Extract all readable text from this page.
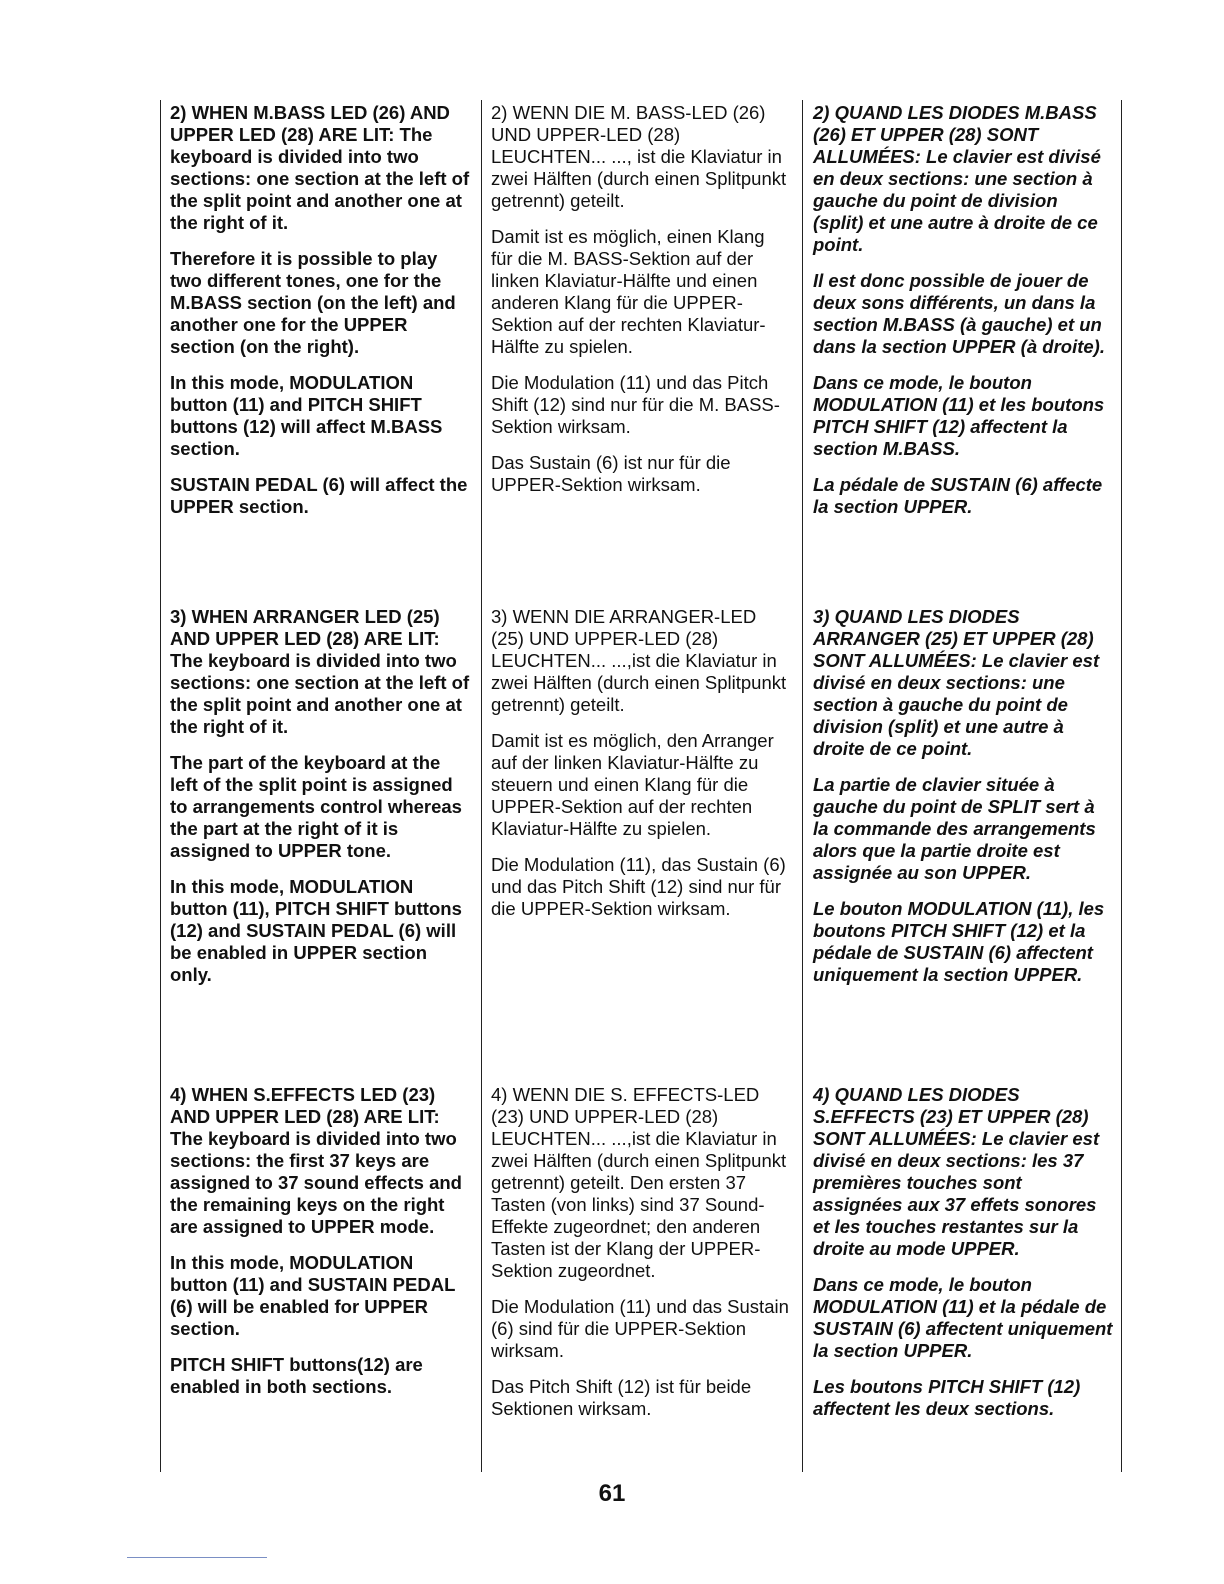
2) WHEN M.BASS LED (26) AND UPPER LED (28) ARE LIT: The keyboard is divided into two sections: one section at the left of the split point and another one at the right of it.

Therefore it is possible to play two different tones, one for the M.BASS section (on the left) and another one for the UPPER section (on the right).

In this mode, MODULATION button (11) and PITCH SHIFT buttons (12) will affect M.BASS section.

SUSTAIN PEDAL (6) will affect the UPPER section.

2) WENN DIE M. BASS-LED (26) UND UPPER-LED (28) LEUCHTEN... ..., ist die Klaviatur in zwei Hälften (durch einen Splitpunkt getrennt) geteilt.

Damit ist es möglich, einen Klang für die M. BASS-Sektion auf der linken Klaviatur-Hälfte und einen anderen Klang für die UPPER-Sektion auf der rechten Klaviatur-Hälfte zu spielen.

Die Modulation (11) und das Pitch Shift (12) sind nur für die M. BASS-Sektion wirksam.

Das Sustain (6) ist nur für die UPPER-Sektion wirksam.

2) QUAND LES DIODES M.BASS (26) ET UPPER (28) SONT ALLUMÉES: Le clavier est divisé en deux sections: une section à gauche du point de division (split) et une autre à droite de ce point.

Il est donc possible de jouer de deux sons différents, un dans la section M.BASS (à gauche) et un dans la section UPPER (à droite).

Dans ce mode, le bouton MODULATION (11) et les boutons PITCH SHIFT (12) affectent la section M.BASS.

La pédale de SUSTAIN (6) affecte la section UPPER.

3) WHEN ARRANGER LED (25) AND UPPER LED (28) ARE LIT: The keyboard is divided into two sections: one section at the left of the split point and another one at the right of it.

The part of the keyboard at the left of the split point is assigned to arrangements control whereas the part at the right of it is assigned to UPPER tone.

In this mode, MODULATION button (11), PITCH SHIFT buttons (12) and SUSTAIN PEDAL (6) will be enabled in UPPER section only.

3) WENN DIE ARRANGER-LED (25) UND UPPER-LED (28) LEUCHTEN... ...,ist die Klaviatur in zwei Hälften (durch einen Splitpunkt getrennt) geteilt.

Damit ist es möglich, den Arranger auf der linken Klaviatur-Hälfte zu steuern und einen Klang für die UPPER-Sektion auf der rechten Klaviatur-Hälfte zu spielen.

Die Modulation (11), das Sustain (6) und das Pitch Shift (12) sind nur für die UPPER-Sektion wirksam.

3) QUAND LES DIODES ARRANGER (25) ET UPPER (28) SONT ALLUMÉES: Le clavier est divisé en deux sections: une section à gauche du point de division (split) et une autre à droite de ce point.

La partie de clavier située à gauche du point de SPLIT sert à la commande des arrangements alors que la partie droite est assignée au son UPPER.

Le bouton MODULATION (11), les boutons PITCH SHIFT (12) et la pédale de SUSTAIN (6) affectent uniquement la section UPPER.

4) WHEN S.EFFECTS LED (23) AND UPPER LED (28) ARE LIT: The keyboard is divided into two sections: the first 37 keys are assigned to 37 sound effects and the remaining keys on the right are assigned to UPPER mode.

In this mode, MODULATION button (11) and SUSTAIN PEDAL (6) will be enabled for UPPER section.

PITCH SHIFT buttons(12) are enabled in both sections.

4) WENN DIE S. EFFECTS-LED (23) UND UPPER-LED (28) LEUCHTEN... ...,ist die Klaviatur in zwei Hälften (durch einen Splitpunkt getrennt) geteilt. Den ersten 37 Tasten (von links) sind 37 Sound-Effekte zugeordnet; den anderen Tasten ist der Klang der UPPER-Sektion zugeordnet.

Die Modulation (11) und das Sustain (6) sind für die UPPER-Sektion wirksam.

Das Pitch Shift (12) ist für beide Sektionen wirksam.

4) QUAND LES DIODES S.EFFECTS (23) ET UPPER (28) SONT ALLUMÉES: Le clavier est divisé en deux sections: les 37 premières touches sont assignées aux 37 effets sonores et les touches restantes sur la droite au mode UPPER.

Dans ce mode, le bouton MODULATION (11) et la pédale de SUSTAIN (6) affectent uniquement la section UPPER.

Les boutons PITCH SHIFT (12) affectent les deux sections.

61
